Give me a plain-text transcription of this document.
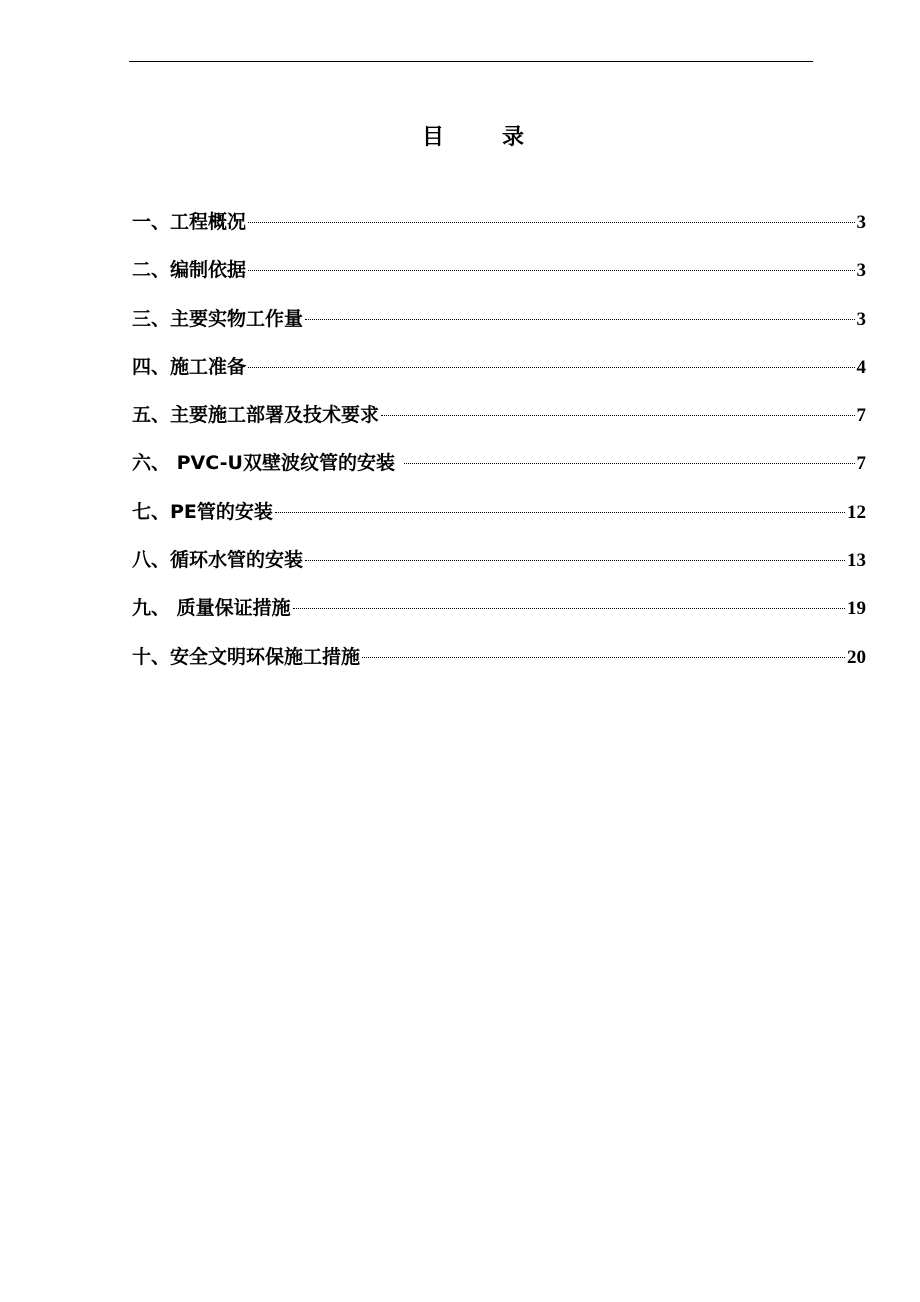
目录
一、工程概况	3
二、编制依据	3
三、主要实物工作量	3
四、施工准备	4
五、主要施工部署及技术要求	7
六、 PVC-U双壁波纹管的安装	7
七、PE管的安装	12
八、循环水管的安装	13
九、 质量保证措施	19
十、安全文明环保施工措施	20
